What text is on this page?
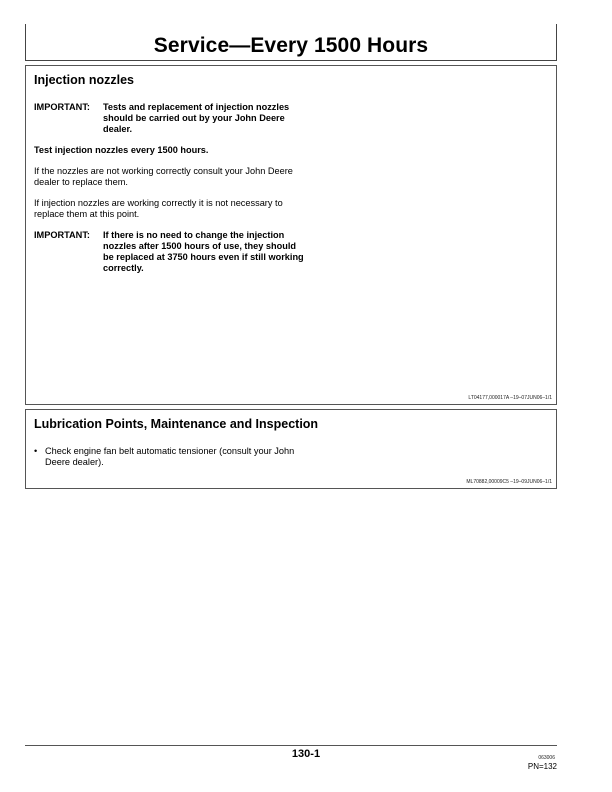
Service—Every 1500 Hours
Injection nozzles
IMPORTANT:	Tests and replacement of injection nozzles should be carried out by your John Deere dealer.

Test injection nozzles every 1500 hours.

If the nozzles are not working correctly consult your John Deere dealer to replace them.

If injection nozzles are working correctly it is not necessary to replace them at this point.

IMPORTANT:	If there is no need to change the injection nozzles after 1500 hours of use, they should be replaced at 3750 hours even if still working correctly.
LT04177,000017A –19–07JUN06–1/1
Lubrication Points, Maintenance and Inspection
• Check engine fan belt automatic tensioner (consult your John Deere dealer).
ML70882,00009C5 –19–09JUN06–1/1
130-1	063006
PN=132
